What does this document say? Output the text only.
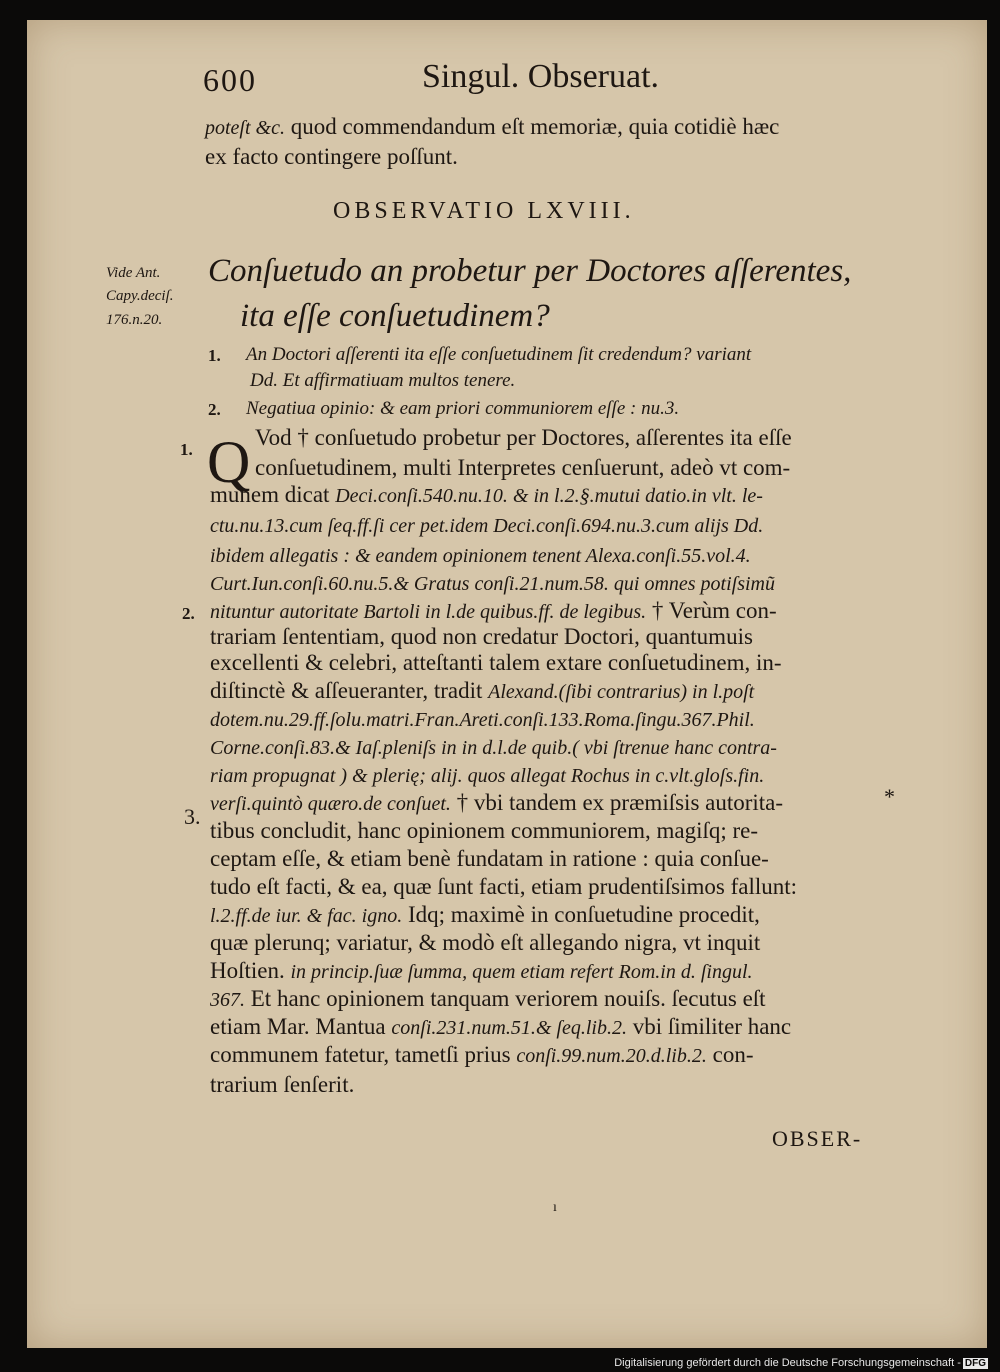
600	Singul. Obseruat.
poteſt &c. quod commendandum eſt memoriæ, quia cotidiè hæc
ex facto contingere poſſunt.
OBSERVATIO LXVIII.
Vide Ant.
Capy.deciſ.
176.n.20.
Conſuetudo an probetur per Doctores aſſerentes,
ita eſſe conſuetudinem?
1. An Doctori aſſerenti ita eſſe conſuetudinem ſit credendum? variant
Dd. Et affirmatiuam multos tenere.
2. Negatiua opinio: & eam priori communiorem eſſe : nu.3.
Q
1.
2.
3.
Vod † conſuetudo probetur per Doctores, aſſerentes ita eſſe
conſuetudinem, multi Interpretes cenſuerunt, adeò vt com-
munem dicat Deci.conſi.540.nu.10. & in l.2.§.mutui datio.in vlt. le-
ctu.nu.13.cum ſeq.ff.ſi cer pet.idem Deci.conſi.694.nu.3.cum alijs Dd.
ibidem allegatis : & eandem opinionem tenent Alexa.conſi.55.vol.4.
Curt.Iun.conſi.60.nu.5.& Gratus conſi.21.num.58. qui omnes potiſsimũ
nituntur autoritate Bartoli in l.de quibus.ff. de legibus. † Verùm con-
trariam ſententiam, quod non credatur Doctori, quantumuis
excellenti & celebri, atteſtanti talem extare conſuetudinem, in-
diſtinctè & aſſeueranter, tradit Alexand.(ſibi contrarius) in l.poſt
dotem.nu.29.ff.ſolu.matri.Fran.Areti.conſi.133.Roma.ſingu.367.Phil.
Corne.conſi.83.& Iaſ.pleniſs in in d.l.de quib.( vbi ſtrenue hanc contra-
riam propugnat ) & plerię; alij. quos allegat Rochus in c.vlt.gloſs.fin.
verſi.quintò quæro.de conſuet. † vbi tandem ex præmiſsis autorita-
tibus concludit, hanc opinionem communiorem, magiſq; re-
ceptam eſſe, & etiam benè fundatam in ratione : quia conſue-
tudo eſt facti, & ea, quæ ſunt facti, etiam prudentiſsimos fallunt:
l.2.ff.de iur. & fac. igno. Idq; maximè in conſuetudine procedit,
quæ plerunq; variatur, & modò eſt allegando nigra, vt inquit
Hoſtien. in princip.ſuæ ſumma, quem etiam refert Rom.in d. ſingul.
367. Et hanc opinionem tanquam veriorem nouiſs. ſecutus eſt
etiam Mar. Mantua conſi.231.num.51.& ſeq.lib.2. vbi ſimiliter hanc
communem fatetur, tametſi prius conſi.99.num.20.d.lib.2. con-
trarium ſenſerit.
*
OBSER-
ı
Digitalisierung gefördert durch die Deutsche Forschungsgemeinschaft - DFG
